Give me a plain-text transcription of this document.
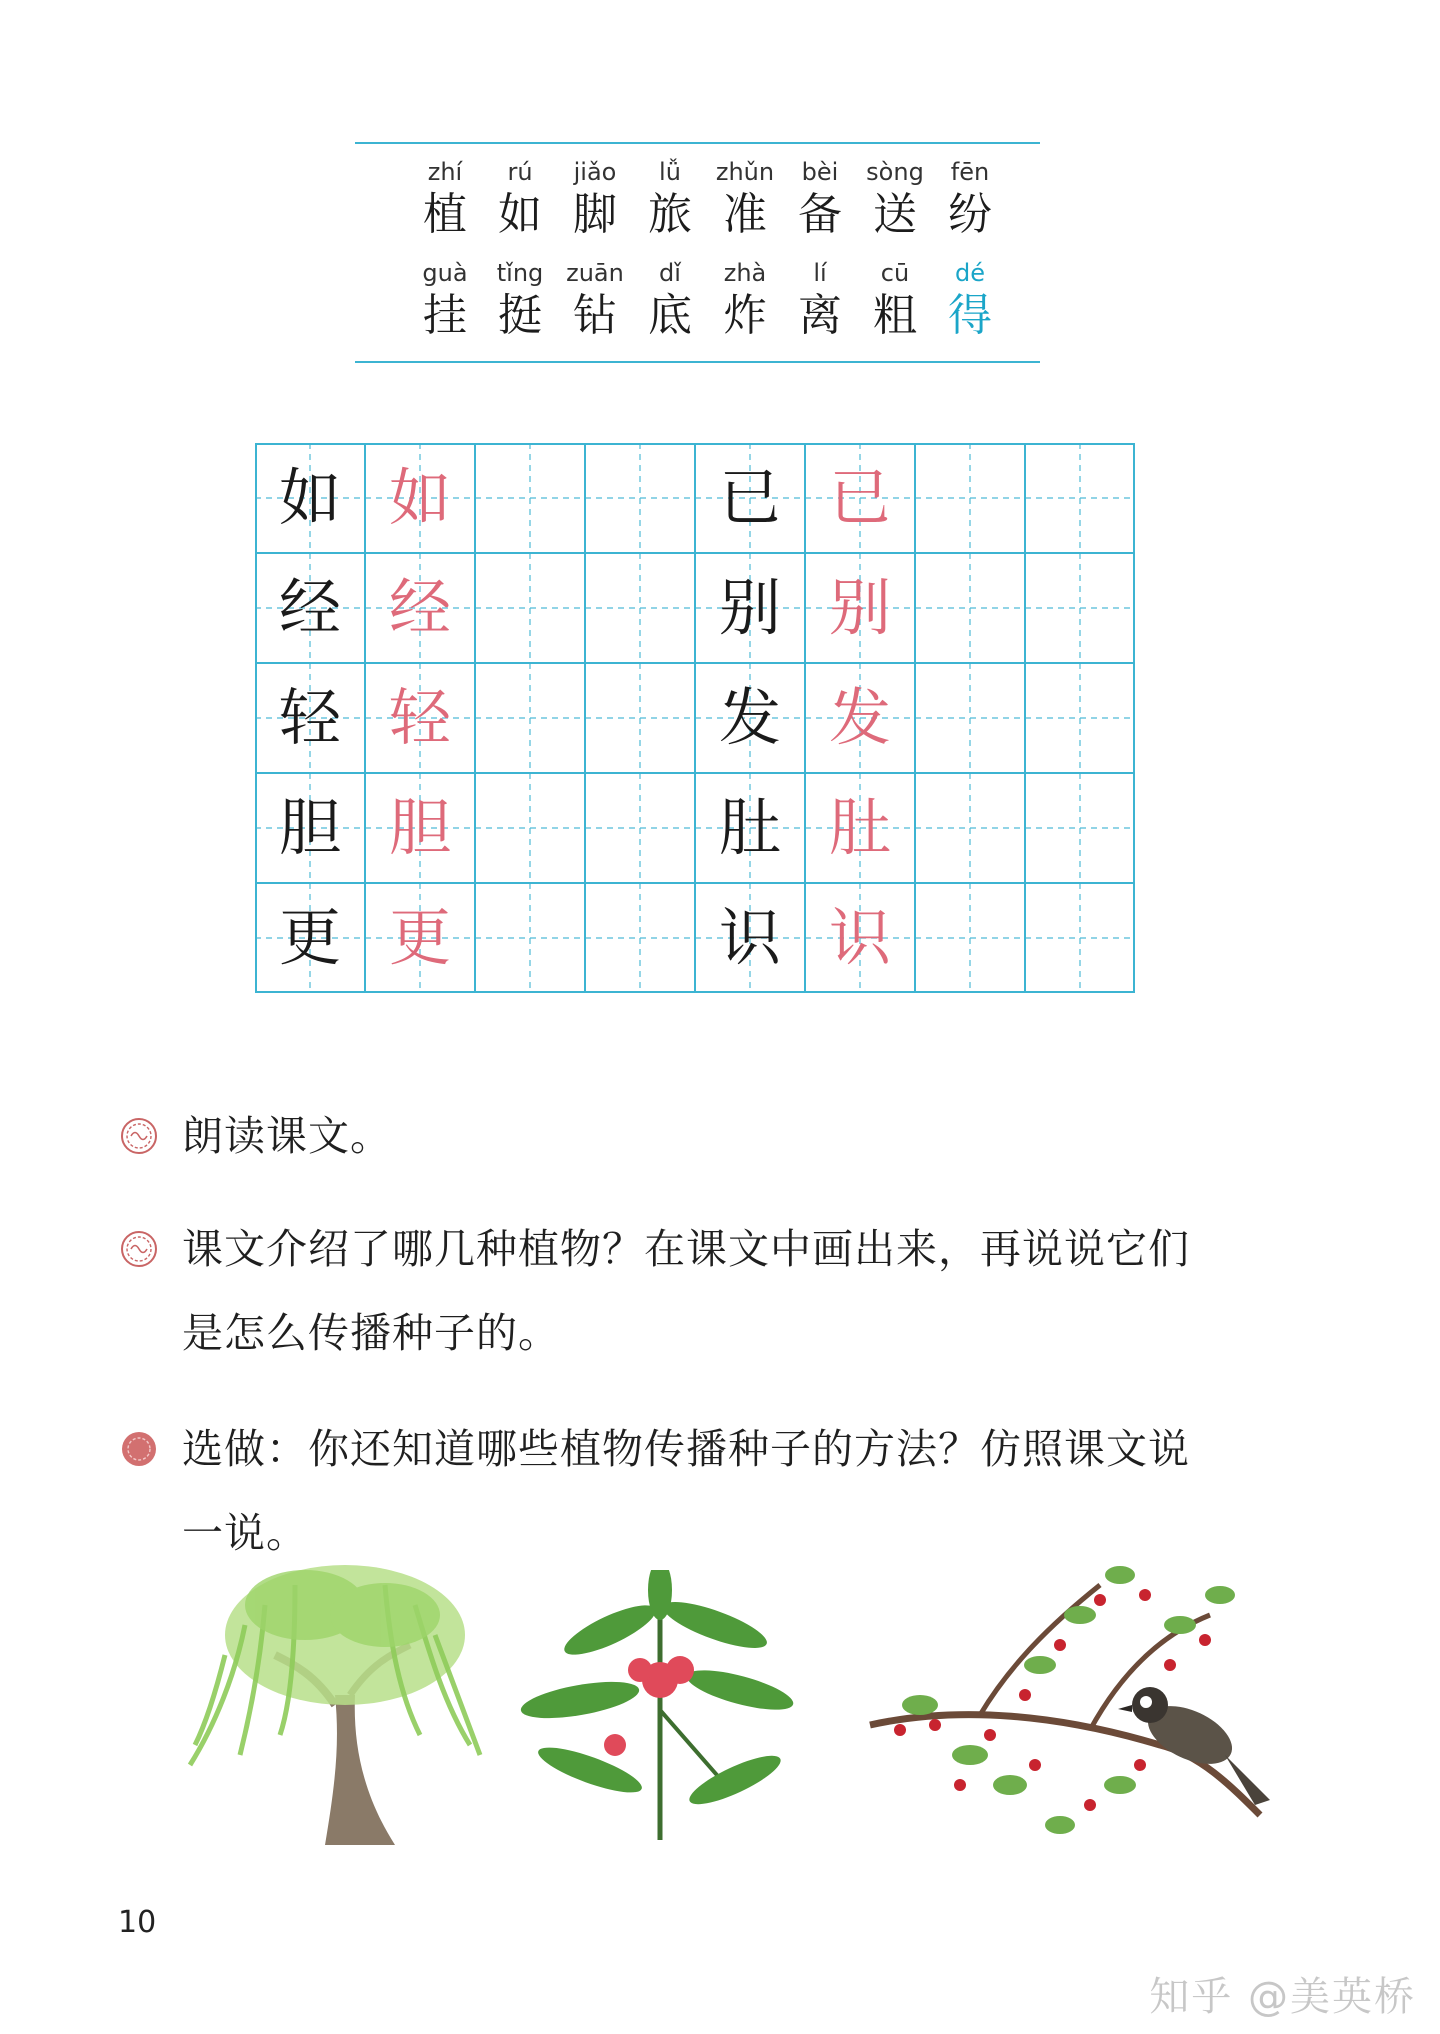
zhí
植
rú
如
jiǎo
脚
lǚ
旅
zhǔn
准
bèi
备
sòng
送
fēn
纷
guà
挂
tǐng
挺
zuān
钻
dǐ
底
zhà
炸
lí
离
cū
粗
dé
得
如 如
经 经
轻 轻
胆 胆
更 更
已 已
别 别
发 发
肚 肚
识 识
朗读课文。
课文介绍了哪几种植物？在课文中画出来，再说说它们
是怎么传播种子的。
选做：你还知道哪些植物传播种子的方法？仿照课文说
一说。
10
知乎 @美英桥
